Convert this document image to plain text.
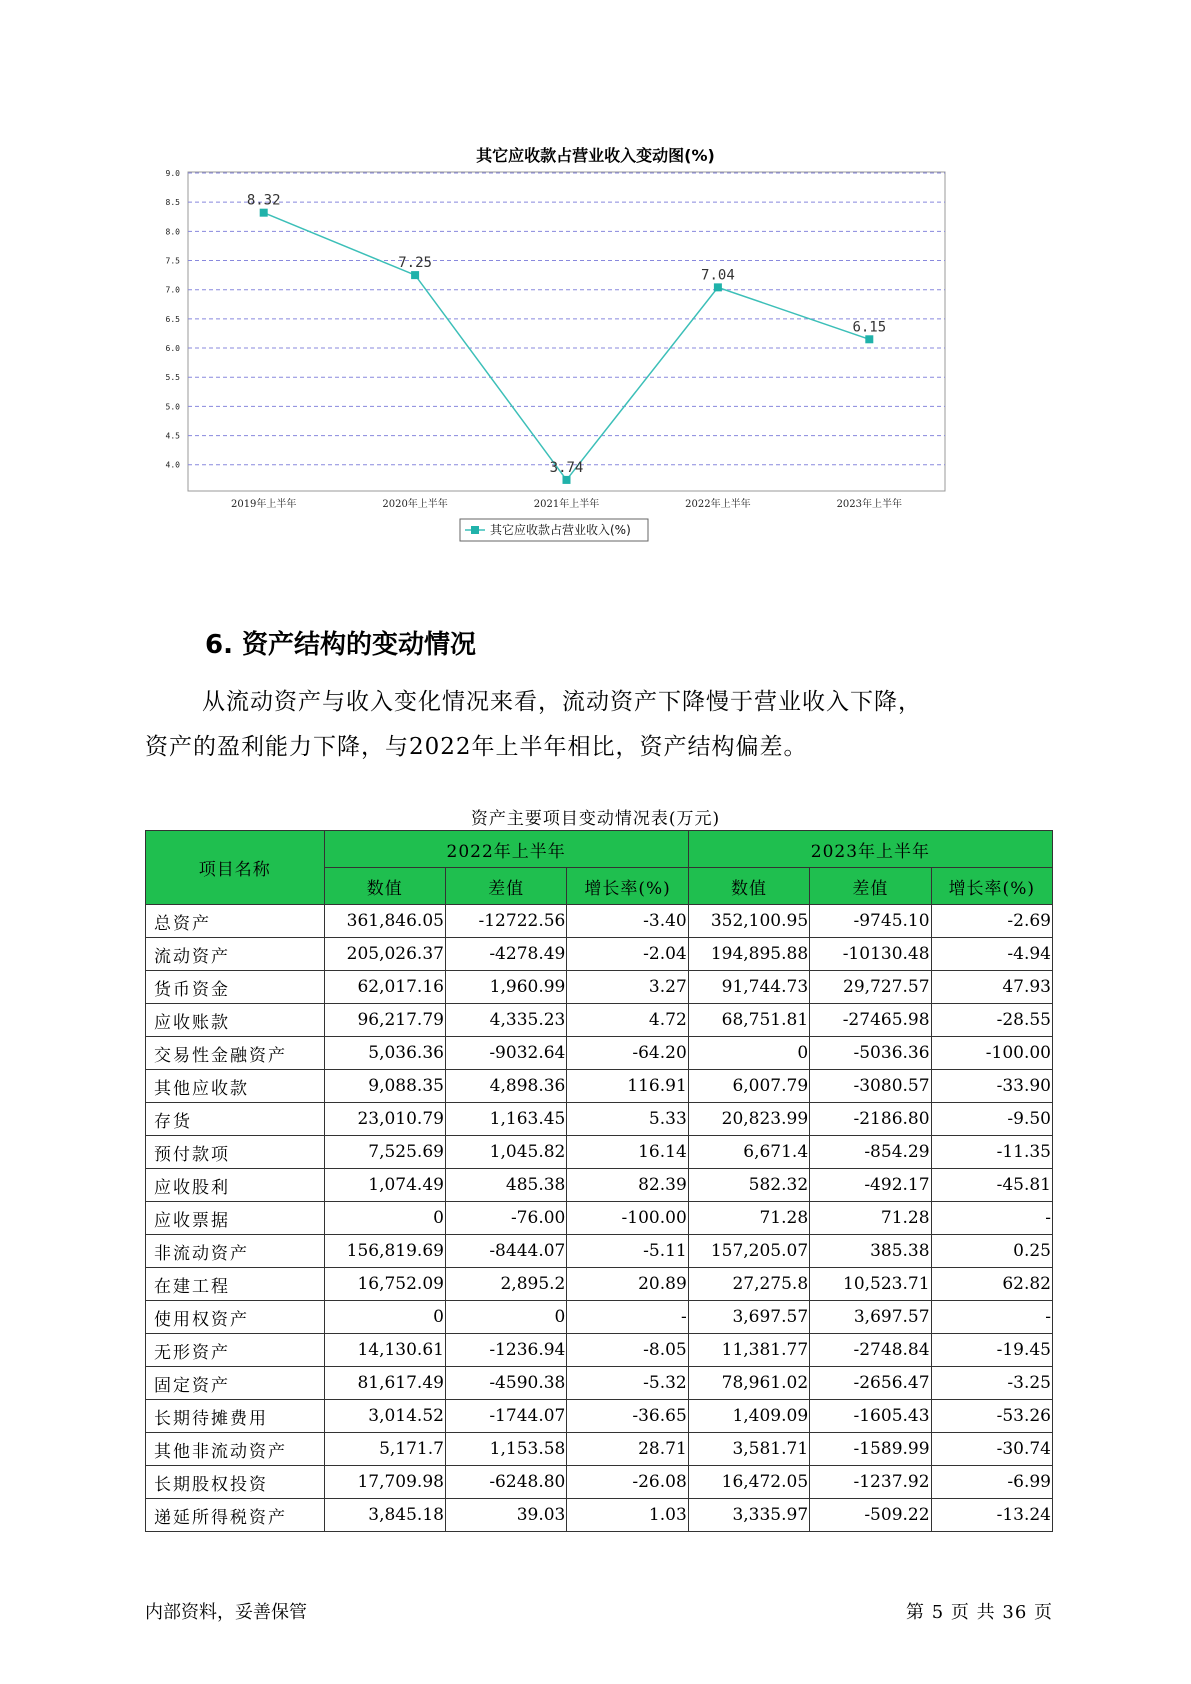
其它应收款占营业收入变动图(%)
9.0
8.5
8.0
7.5
7.0
6.5
6.0
5.5
5.0
4.5
4.0
2019年上半年	2020年上半年	2021年上半年	2022年上半年	2023年上半年
8.32
7.25
3.74
7.04
6.15
其它应收款占营业收入(%)
6. 资产结构的变动情况
从流动资产与收入变化情况来看，流动资产下降慢于营业收入下降，
资产的盈利能力下降，与2022年上半年相比，资产结构偏差。
资产主要项目变动情况表(万元)
项目名称	2022年上半年			2023年上半年		
	数值	差值	增长率(%)	数值	差值	增长率(%)
总资产	361,846.05	-12722.56	-3.40	352,100.95	-9745.10	-2.69
流动资产	205,026.37	-4278.49	-2.04	194,895.88	-10130.48	-4.94
货币资金	62,017.16	1,960.99	3.27	91,744.73	29,727.57	47.93
应收账款	96,217.79	4,335.23	4.72	68,751.81	-27465.98	-28.55
交易性金融资产	5,036.36	-9032.64	-64.20	0	-5036.36	-100.00
其他应收款	9,088.35	4,898.36	116.91	6,007.79	-3080.57	-33.90
存货	23,010.79	1,163.45	5.33	20,823.99	-2186.80	-9.50
预付款项	7,525.69	1,045.82	16.14	6,671.4	-854.29	-11.35
应收股利	1,074.49	485.38	82.39	582.32	-492.17	-45.81
应收票据	0	-76.00	-100.00	71.28	71.28	-
非流动资产	156,819.69	-8444.07	-5.11	157,205.07	385.38	0.25
在建工程	16,752.09	2,895.2	20.89	27,275.8	10,523.71	62.82
使用权资产	0	0	-	3,697.57	3,697.57	-
无形资产	14,130.61	-1236.94	-8.05	11,381.77	-2748.84	-19.45
固定资产	81,617.49	-4590.38	-5.32	78,961.02	-2656.47	-3.25
长期待摊费用	3,014.52	-1744.07	-36.65	1,409.09	-1605.43	-53.26
其他非流动资产	5,171.7	1,153.58	28.71	3,581.71	-1589.99	-30.74
长期股权投资	17,709.98	-6248.80	-26.08	16,472.05	-1237.92	-6.99
递延所得税资产	3,845.18	39.03	1.03	3,335.97	-509.22	-13.24
内部资料，妥善保管	第 5 页 共 36 页
